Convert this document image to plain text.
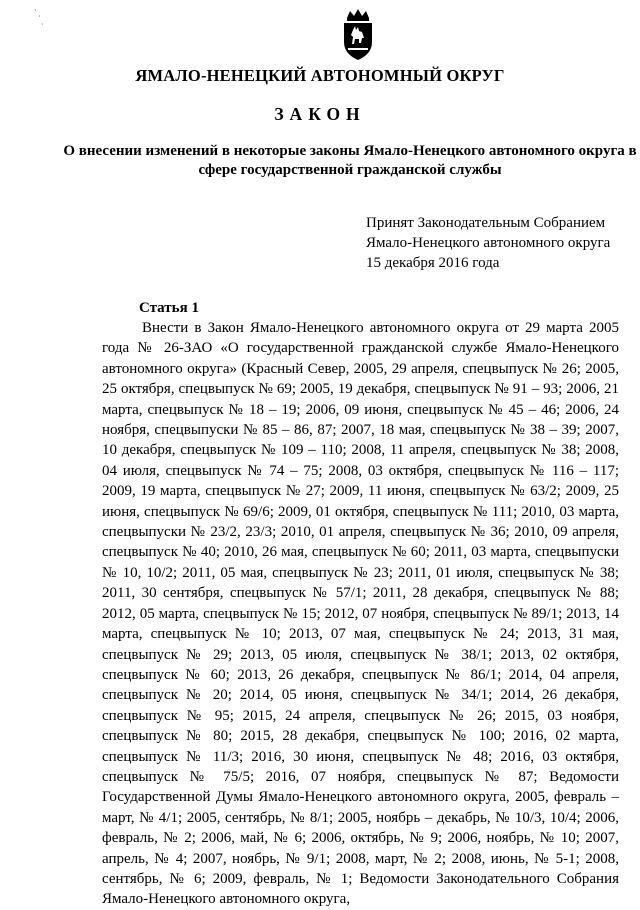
·
·
·
ЯМАЛО-НЕНЕЦКИЙ АВТОНОМНЫЙ ОКРУГ
ЗАКОН
О внесении изменений в некоторые законы Ямало-Ненецкого автономного округа в сфере государственной гражданской службы
Принят Законодательным Собранием
Ямало-Ненецкого автономного округа
15 декабря 2016 года
Статья 1

Внести в Закон Ямало-Ненецкого автономного округа от 29 марта 2005 года № 26-ЗАО «О государственной гражданской службе Ямало-Ненецкого автономного округа» (Красный Север, 2005, 29 апреля, спецвыпуск № 26; 2005, 25 октября, спецвыпуск № 69; 2005, 19 декабря, спецвыпуск № 91 – 93; 2006, 21 марта, спецвыпуск № 18 – 19; 2006, 09 июня, спецвыпуск № 45 – 46; 2006, 24 ноября, спецвыпуски № 85 – 86, 87; 2007, 18 мая, спецвыпуск № 38 – 39; 2007, 10 декабря, спецвыпуск № 109 – 110; 2008, 11 апреля, спецвыпуск № 38; 2008, 04 июля, спецвыпуск № 74 – 75; 2008, 03 октября, спецвыпуск № 116 – 117; 2009, 19 марта, спецвыпуск № 27; 2009, 11 июня, спецвыпуск № 63/2; 2009, 25 июня, спецвыпуск № 69/6; 2009, 01 октября, спецвыпуск № 111; 2010, 03 марта, спецвыпуски № 23/2, 23/3; 2010, 01 апреля, спецвыпуск № 36; 2010, 09 апреля, спецвыпуск № 40; 2010, 26 мая, спецвыпуск № 60; 2011, 03 марта, спецвыпуски № 10, 10/2; 2011, 05 мая, спецвыпуск № 23; 2011, 01 июля, спецвыпуск № 38; 2011, 30 сентября, спецвыпуск № 57/1; 2011, 28 декабря, спецвыпуск № 88; 2012, 05 марта, спецвыпуск № 15; 2012, 07 ноября, спецвыпуск № 89/1; 2013, 14 марта, спецвыпуск № 10; 2013, 07 мая, спецвыпуск № 24; 2013, 31 мая, спецвыпуск № 29; 2013, 05 июля, спецвыпуск № 38/1; 2013, 02 октября, спецвыпуск № 60; 2013, 26 декабря, спецвыпуск № 86/1; 2014, 04 апреля, спецвыпуск № 20; 2014, 05 июня, спецвыпуск № 34/1; 2014, 26 декабря, спецвыпуск № 95; 2015, 24 апреля, спецвыпуск № 26; 2015, 03 ноября, спецвыпуск № 80; 2015, 28 декабря, спецвыпуск № 100; 2016, 02 марта, спецвыпуск № 11/3; 2016, 30 июня, спецвыпуск № 48; 2016, 03 октября, спецвыпуск № 75/5; 2016, 07 ноября, спецвыпуск № 87; Ведомости Государственной Думы Ямало-Ненецкого автономного округа, 2005, февраль – март, № 4/1; 2005, сентябрь, № 8/1; 2005, ноябрь – декабрь, № 10/3, 10/4; 2006, февраль, № 2; 2006, май, № 6; 2006, октябрь, № 9; 2006, ноябрь, № 10; 2007, апрель, № 4; 2007, ноябрь, № 9/1; 2008, март, № 2; 2008, июнь, № 5-1; 2008, сентябрь, № 6; 2009, февраль, № 1; Ведомости Законодательного Собрания Ямало-Ненецкого автономного округа,
